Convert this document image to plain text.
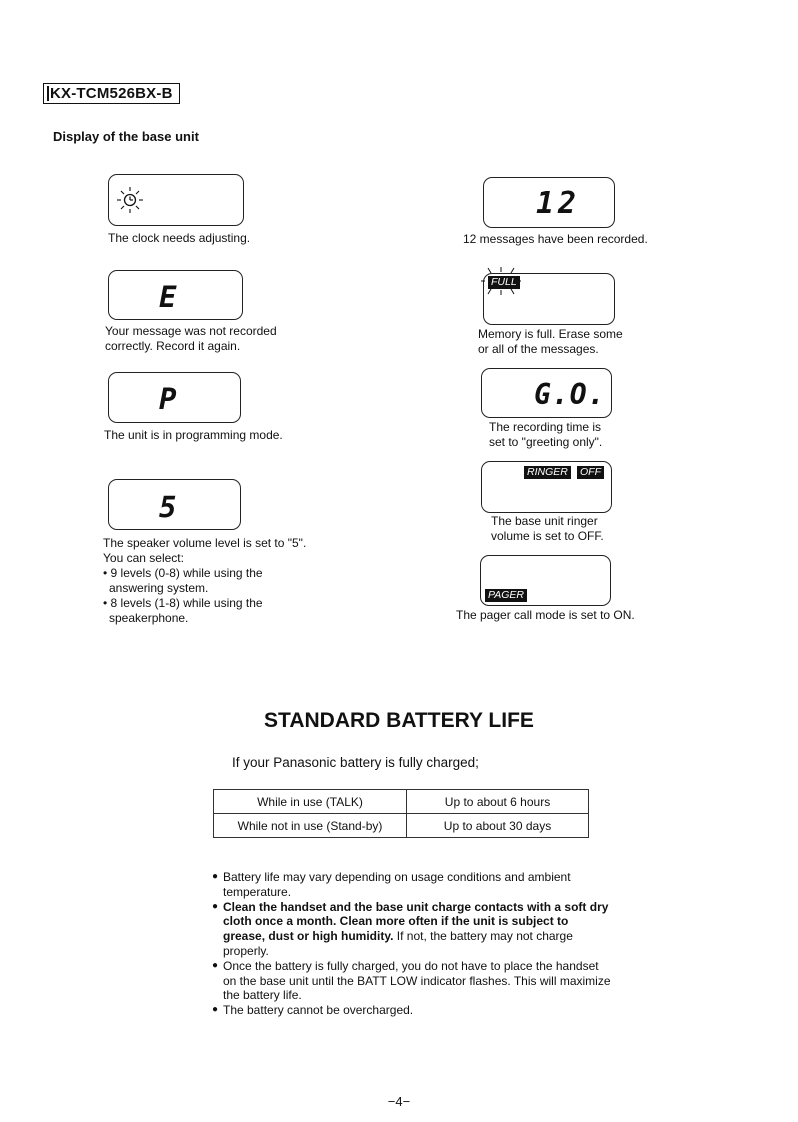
KX-TCM526BX-B
Display of the base unit
The clock needs adjusting.
E
Your message was not recorded
correctly. Record it again.
P
The unit is in programming mode.
5
The speaker volume level is set to "5".
You can select:
• 9 levels (0-8) while using the
answering system.
• 8 levels (1-8) while using the
speakerphone.
12
12 messages have been recorded.
FULL
Memory is full. Erase some
or all of the messages.
G.O.
The recording time is
set to "greeting only".
RINGER OFF
The base unit ringer
volume is set to OFF.
PAGER
The pager call mode is set to ON.
STANDARD BATTERY LIFE
If your Panasonic battery is fully charged;
While in use (TALK)	Up to about 6 hours
While not in use (Stand-by)	Up to about 30 days
● Battery life may vary depending on usage conditions and ambient temperature.
● Clean the handset and the base unit charge contacts with a soft dry cloth once a month. Clean more often if the unit is subject to grease, dust or high humidity. If not, the battery may not charge properly.
● Once the battery is fully charged, you do not have to place the handset on the base unit until the BATT LOW indicator flashes. This will maximize the battery life.
● The battery cannot be overcharged.
−4−
